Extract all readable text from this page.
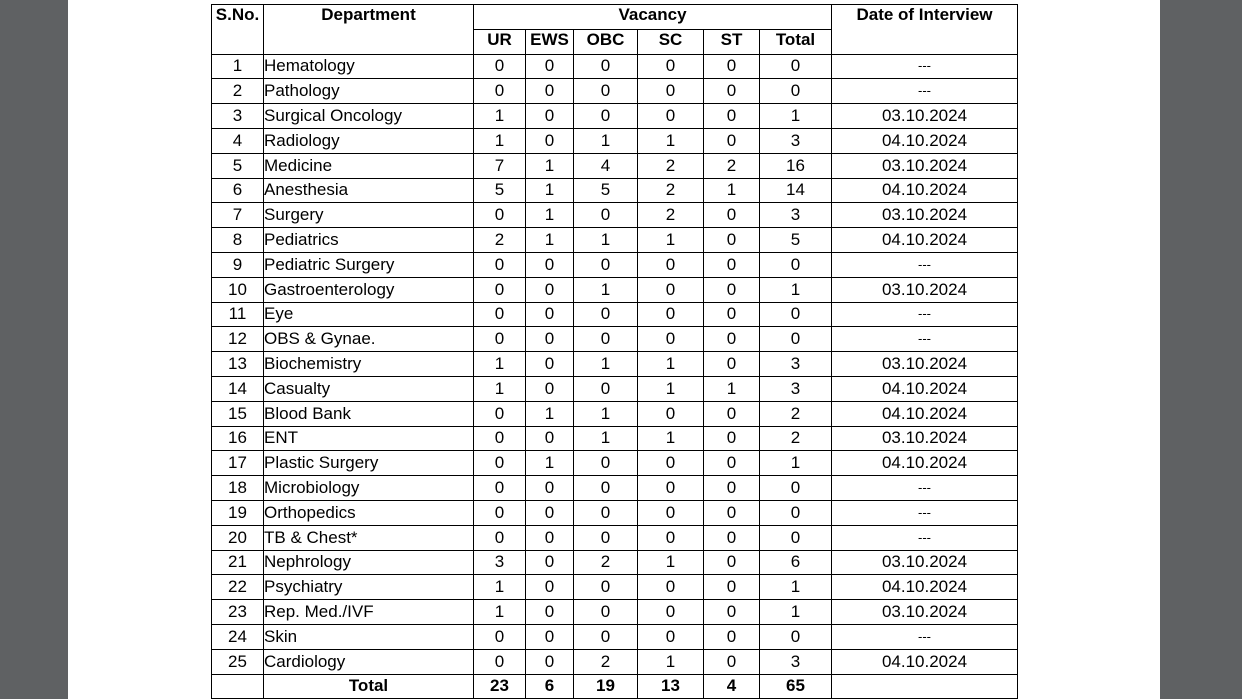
S.No.	Department	Vacancy						Date of Interview
		UR	EWS	OBC	SC	ST	Total	
1	Hematology	0	0	0	0	0	0	---
2	Pathology	0	0	0	0	0	0	---
3	Surgical Oncology	1	0	0	0	0	1	03.10.2024
4	Radiology	1	0	1	1	0	3	04.10.2024
5	Medicine	7	1	4	2	2	16	03.10.2024
6	Anesthesia	5	1	5	2	1	14	04.10.2024
7	Surgery	0	1	0	2	0	3	03.10.2024
8	Pediatrics	2	1	1	1	0	5	04.10.2024
9	Pediatric Surgery	0	0	0	0	0	0	---
10	Gastroenterology	0	0	1	0	0	1	03.10.2024
11	Eye	0	0	0	0	0	0	---
12	OBS & Gynae.	0	0	0	0	0	0	---
13	Biochemistry	1	0	1	1	0	3	03.10.2024
14	Casualty	1	0	0	1	1	3	04.10.2024
15	Blood Bank	0	1	1	0	0	2	04.10.2024
16	ENT	0	0	1	1	0	2	03.10.2024
17	Plastic Surgery	0	1	0	0	0	1	04.10.2024
18	Microbiology	0	0	0	0	0	0	---
19	Orthopedics	0	0	0	0	0	0	---
20	TB & Chest*	0	0	0	0	0	0	---
21	Nephrology	3	0	2	1	0	6	03.10.2024
22	Psychiatry	1	0	0	0	0	1	04.10.2024
23	Rep. Med./IVF	1	0	0	0	0	1	03.10.2024
24	Skin	0	0	0	0	0	0	---
25	Cardiology	0	0	2	1	0	3	04.10.2024
	Total	23	6	19	13	4	65	
